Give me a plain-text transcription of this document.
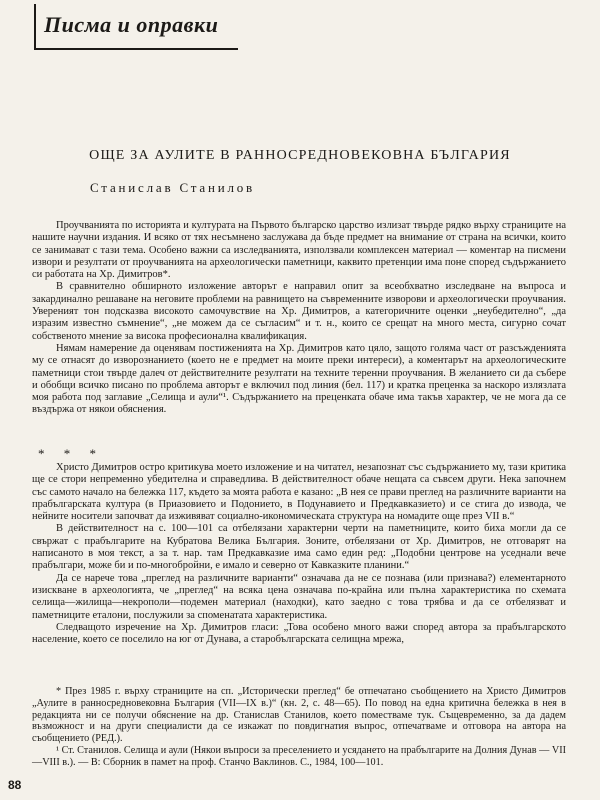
Писма и оправки
ОЩЕ ЗА АУЛИТЕ В РАННОСРЕДНОВЕКОВНА БЪЛГАРИЯ
Станислав Станилов

Проучванията по историята и културата на Първото българско царство излизат твърде рядко върху страниците на нашите научни издания. И всяко от тях несъмнено заслужава да бъде предмет на внимание от страна на всички, които се занимават с тази тема. Особено важни са изследванията, използвали комплексен материал — коментар на писмени извори и резултати от проучванията на археологически паметници, каквито претенции има поне според съдържанието си работата на Хр. Димитров*.

В сравнително обширното изложение авторът е направил опит за всеобхватно изследване на въпроса и закардинално решаване на неговите проблеми на равнището на съвременните изворови и археологически проучвания. Увереният тон подсказва високото самочувствие на Хр. Димитров, а категоричните оценки „неубедително“, „да изразим известно съмнение“, „не можем да се съгласим“ и т. н., които се срещат на много места, сигурно сочат собственото мнение за висока професионална квалификация.

Нямам намерение да оценявам постиженията на Хр. Димитров като цяло, защото голяма част от разсъжденията му се отнасят до изворознанието (което не е предмет на моите преки интереси), а коментарът на археологическите паметници стои твърде далеч от действителните резултати на техните теренни проучвания. В желанието си да събере и обобщи всичко писано по проблема авторът е включил под линия (бел. 117) и кратка преценка за наскоро излязлата моя работа под заглавие „Селища и аули“¹. Съдържанието на преценката обаче има такъв характер, че не мога да се въздържа от някои обяснения.

* * *

Христо Димитров остро критикува моето изложение и на читател, незапознат със съдържанието му, тази критика ще се стори непременно убедителна и справедлива. В действителност обаче нещата са съвсем други. Нека започнем със самото начало на бележка 117, където за моята работа е казано: „В нея се прави преглед на различните варианти на прабългарската култура (в Приазовието и Подонието, в Подунавието и Предкавказието) и се стига до извода, че нейните носители започват да изживяват социално-икономическата структура на номадите още през VII в.“

В действителност на с. 100—101 са отбелязани характерни черти на паметниците, които биха могли да се свържат с прабългарите на Кубратова Велика България. Зоните, отбелязани от Хр. Димитров, не отговарят на написаното в моя текст, а за т. нар. там Предкавказие има само един ред: „Подобни центрове на уседнали вече прабългари, може би и по-многобройни, е имало и северно от Кавказките планини.“

Да се нарече това „преглед на различните варианти“ означава да не се познава (или признава?) елементарното изискване в археологията, че „преглед“ на всяка цена означава по-крайна или пълна характеристика по схемата селища—жилища—некрополи—подемен материал (находки), като заедно с това трябва и да се отбелязват и паметниците еталони, послужили за споменатата характеристика.

Следващото изречение на Хр. Димитров гласи: „Това особено много важи според автора за прабългарското население, което се поселило на юг от Дунава, а старобългарската селищна мрежа,

* През 1985 г. върху страниците на сп. „Исторически преглед“ бе отпечатано съобщението на Христо Димитров „Аулите в ранносредновековна България (VII—IX в.)“ (кн. 2, с. 48—65). По повод на една критична бележка в нея в редакцията ни се получи обяснение на др. Станислав Станилов, което поместваме тук. Същевременно, за да дадем възможност и на други специалисти да се изкажат по повдигнатия въпрос, отпечатваме и отговора на автора на съобщението (РЕД.).

¹ Ст. Станилов. Селища и аули (Някои въпроси за преселението и усядането на прабългарите на Долния Дунав — VII—VIII в.). — В: Сборник в памет на проф. Станчо Ваклинов. С., 1984, 100—101.

88
